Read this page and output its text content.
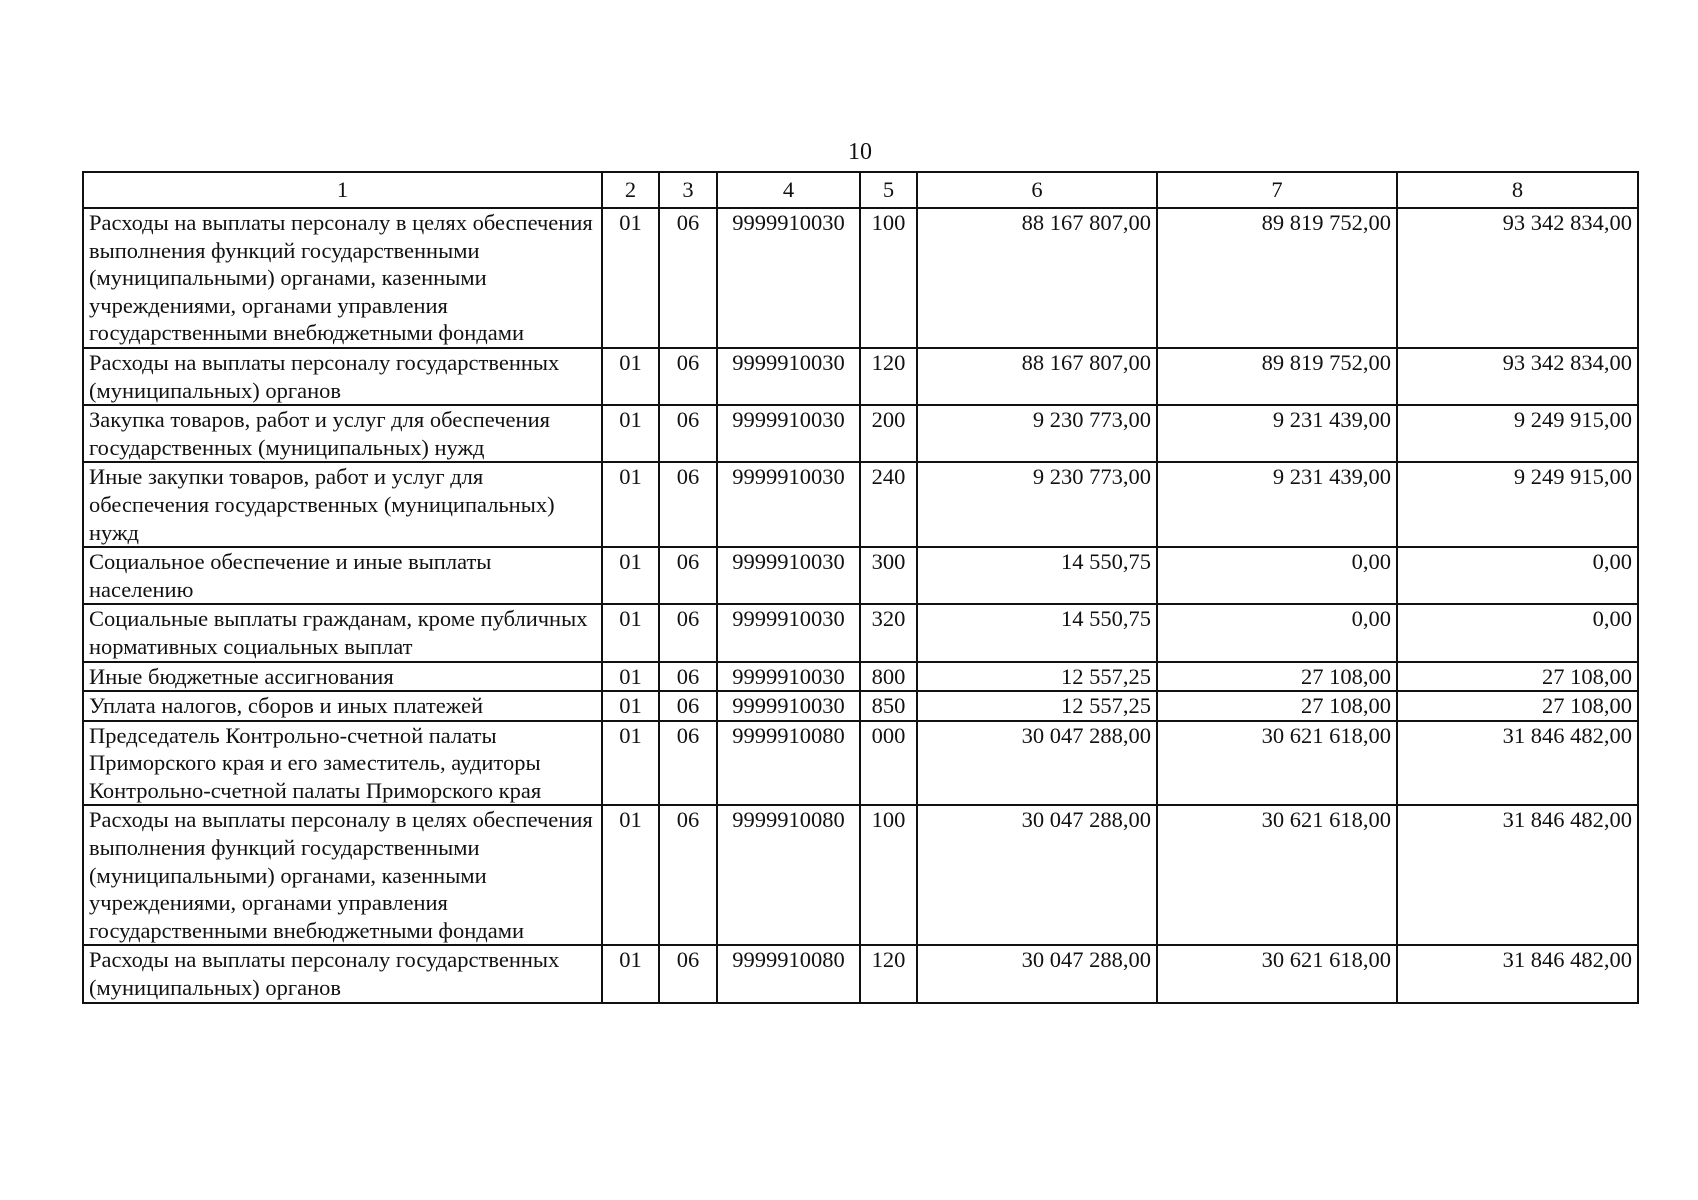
10
1	2	3	4	5	6	7	8
Расходы на выплаты персоналу в целях обеспечения выполнения функций государственными (муниципальными) органами, казенными учреждениями, органами управления государственными внебюджетными фондами	01	06	9999910030	100	88 167 807,00	89 819 752,00	93 342 834,00
Расходы на выплаты персоналу государственных (муниципальных) органов	01	06	9999910030	120	88 167 807,00	89 819 752,00	93 342 834,00
Закупка товаров, работ и услуг для обеспечения государственных (муниципальных) нужд	01	06	9999910030	200	9 230 773,00	9 231 439,00	9 249 915,00
Иные закупки товаров, работ и услуг для обеспечения государственных (муниципальных) нужд	01	06	9999910030	240	9 230 773,00	9 231 439,00	9 249 915,00
Социальное обеспечение и иные выплаты населению	01	06	9999910030	300	14 550,75	0,00	0,00
Социальные выплаты гражданам, кроме публичных нормативных социальных выплат	01	06	9999910030	320	14 550,75	0,00	0,00
Иные бюджетные ассигнования	01	06	9999910030	800	12 557,25	27 108,00	27 108,00
Уплата налогов, сборов и иных платежей	01	06	9999910030	850	12 557,25	27 108,00	27 108,00
Председатель Контрольно-счетной палаты Приморского края и его заместитель, аудиторы Контрольно-счетной палаты Приморского края	01	06	9999910080	000	30 047 288,00	30 621 618,00	31 846 482,00
Расходы на выплаты персоналу в целях обеспечения выполнения функций государственными (муниципальными) органами, казенными учреждениями, органами управления государственными внебюджетными фондами	01	06	9999910080	100	30 047 288,00	30 621 618,00	31 846 482,00
Расходы на выплаты персоналу государственных (муниципальных) органов	01	06	9999910080	120	30 047 288,00	30 621 618,00	31 846 482,00
